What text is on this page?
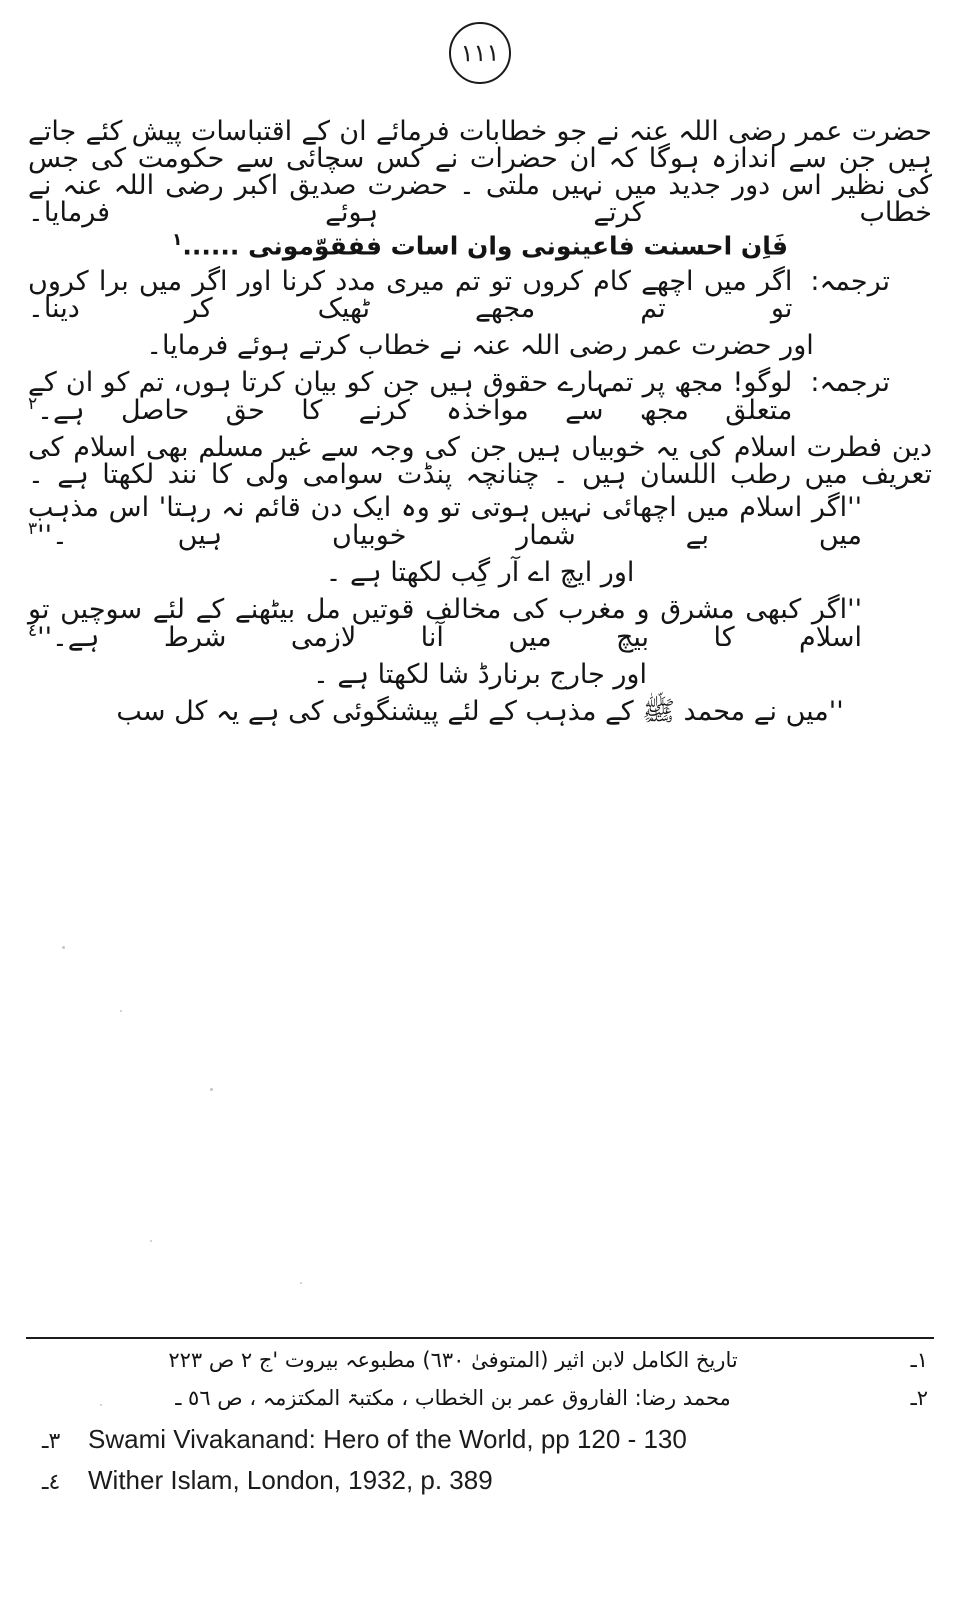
١١١

حضرت عمر رضی اللہ عنہ نے جو خطابات فرمائے ان کے اقتباسات پیش کئے جاتے ہیں جن سے اندازہ ہوگا کہ ان حضرات نے کس سچائی سے حکومت کی جس کی نظیر اس دور جدید میں نہیں ملتی ۔ حضرت صدیق اکبر رضی اللہ عنہ نے خطاب کرتے ہوئے فرمایا۔

فَاِن احسنت فاعینونی وان اسات ففقوّمونی ......$^١$

ترجمہ:
اگر میں اچھے کام کروں تو تم میری مدد کرنا اور اگر میں برا کروں تو تم مجھے ٹھیک کر دینا۔

اور حضرت عمر رضی اللہ عنہ نے خطاب کرتے ہوئے فرمایا۔

ترجمہ:
لوگو! مجھ پر تمہارے حقوق ہیں جن کو بیان کرتا ہوں، تم کو ان کے متعلق مجھ سے مواخذہ کرنے کا حق حاصل ہے۔$^٢$

دین فطرت اسلام کی یہ خوبیاں ہیں جن کی وجہ سے غیر مسلم بھی اسلام کی تعریف میں رطب اللسان ہیں ۔ چنانچہ پنڈت سوامی ولی کا نند لکھتا ہے ۔

''اگر اسلام میں اچھائی نہیں ہوتی تو وہ ایک دن قائم نہ رہتا' اس مذہب میں بے شمار خوبیاں ہیں $۔''^٣$

اور ایچ اے آر گِب لکھتا ہے ۔

''اگر کبھی مشرق و مغرب کی مخالف قوتیں مل بیٹھنے کے لئے سوچیں تو اسلام کا بیچ میں آنا لازمی شرط $ہے۔''^٤$

اور جارج برنارڈ شا لکھتا ہے ۔

''میں نے محمد ﷺ کے مذہب کے لئے پیشنگوئی کی ہے یہ کل سب

١ـ
تاریخ الکامل لابن اثیر (المتوفیٰ ٦٣٠) مطبوعہ بیروت 'ج ٢ ص ٢٢٣
٢ـ
محمد رضا: الفاروق عمر بن الخطاب ، مکتبۃ المکتزمہ ، ص ٥٦ ـ
٣ـ	Swami Vivakanand: Hero of the World, pp 120 - 130
٤ـ	Wither Islam, London, 1932, p. 389
